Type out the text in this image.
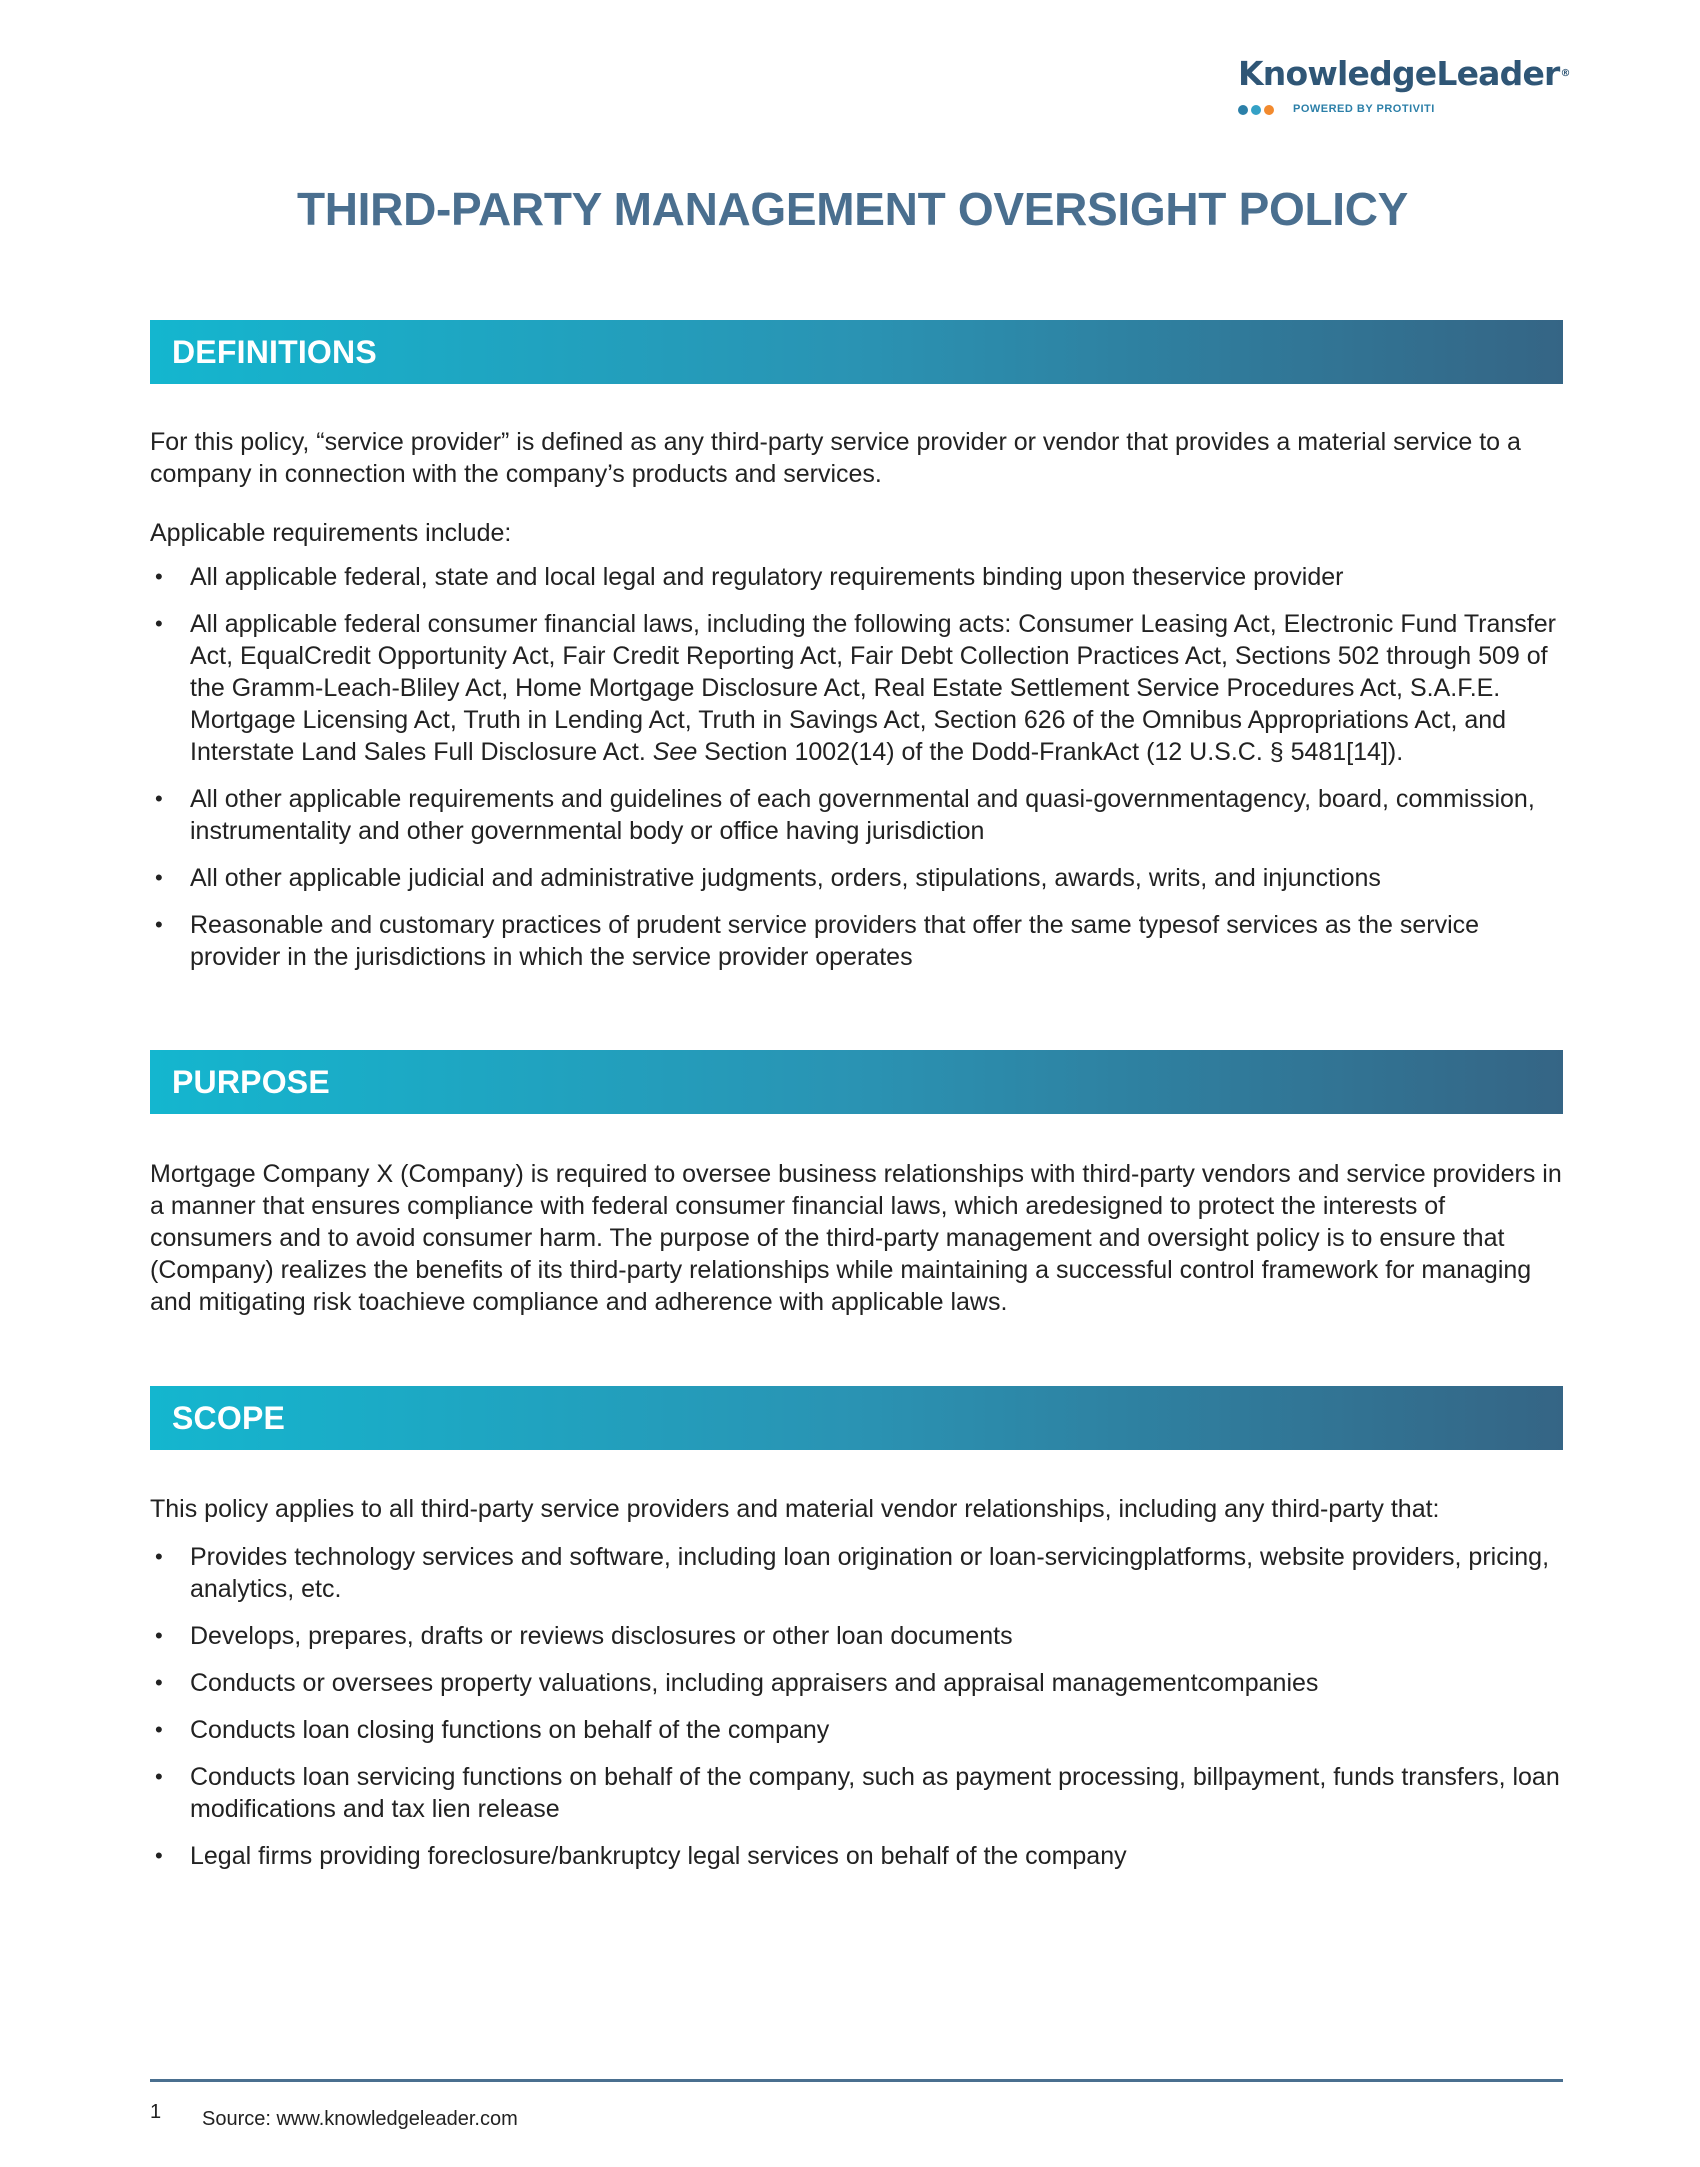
KnowledgeLeader®
POWERED BY PROTIVITI
THIRD-PARTY MANAGEMENT OVERSIGHT POLICY
DEFINITIONS

For this policy, “service provider” is defined as any third-party service provider or vendor that provides a material service to a company in connection with the company’s products and services.

Applicable requirements include:

• All applicable federal, state and local legal and regulatory requirements binding upon theservice provider
• All applicable federal consumer financial laws, including the following acts: Consumer Leasing Act, Electronic Fund Transfer Act, EqualCredit Opportunity Act, Fair Credit Reporting Act, Fair Debt Collection Practices Act, Sections 502 through 509 of the Gramm-Leach-Bliley Act, Home Mortgage Disclosure Act, Real Estate Settlement Service Procedures Act, S.A.F.E. Mortgage Licensing Act, Truth in Lending Act, Truth in Savings Act, Section 626 of the Omnibus Appropriations Act, and Interstate Land Sales Full Disclosure Act. See Section 1002(14) of the Dodd-FrankAct (12 U.S.C. § 5481[14]).
• All other applicable requirements and guidelines of each governmental and quasi-governmentagency, board, commission, instrumentality and other governmental body or office having jurisdiction
• All other applicable judicial and administrative judgments, orders, stipulations, awards, writs, and injunctions
• Reasonable and customary practices of prudent service providers that offer the same typesof services as the service provider in the jurisdictions in which the service provider operates
PURPOSE

Mortgage Company X (Company) is required to oversee business relationships with third-party vendors and service providers in a manner that ensures compliance with federal consumer financial laws, which aredesigned to protect the interests of consumers and to avoid consumer harm. The purpose of the third-party management and oversight policy is to ensure that (Company) realizes the benefits of its third-party relationships while maintaining a successful control framework for managing and mitigating risk toachieve compliance and adherence with applicable laws.

SCOPE

This policy applies to all third-party service providers and material vendor relationships, including any third-party that:

• Provides technology services and software, including loan origination or loan-servicingplatforms, website providers, pricing, analytics, etc.
• Develops, prepares, drafts or reviews disclosures or other loan documents
• Conducts or oversees property valuations, including appraisers and appraisal managementcompanies
• Conducts loan closing functions on behalf of the company
• Conducts loan servicing functions on behalf of the company, such as payment processing, billpayment, funds transfers, loan modifications and tax lien release
• Legal firms providing foreclosure/bankruptcy legal services on behalf of the company
1 Source: www.knowledgeleader.com
